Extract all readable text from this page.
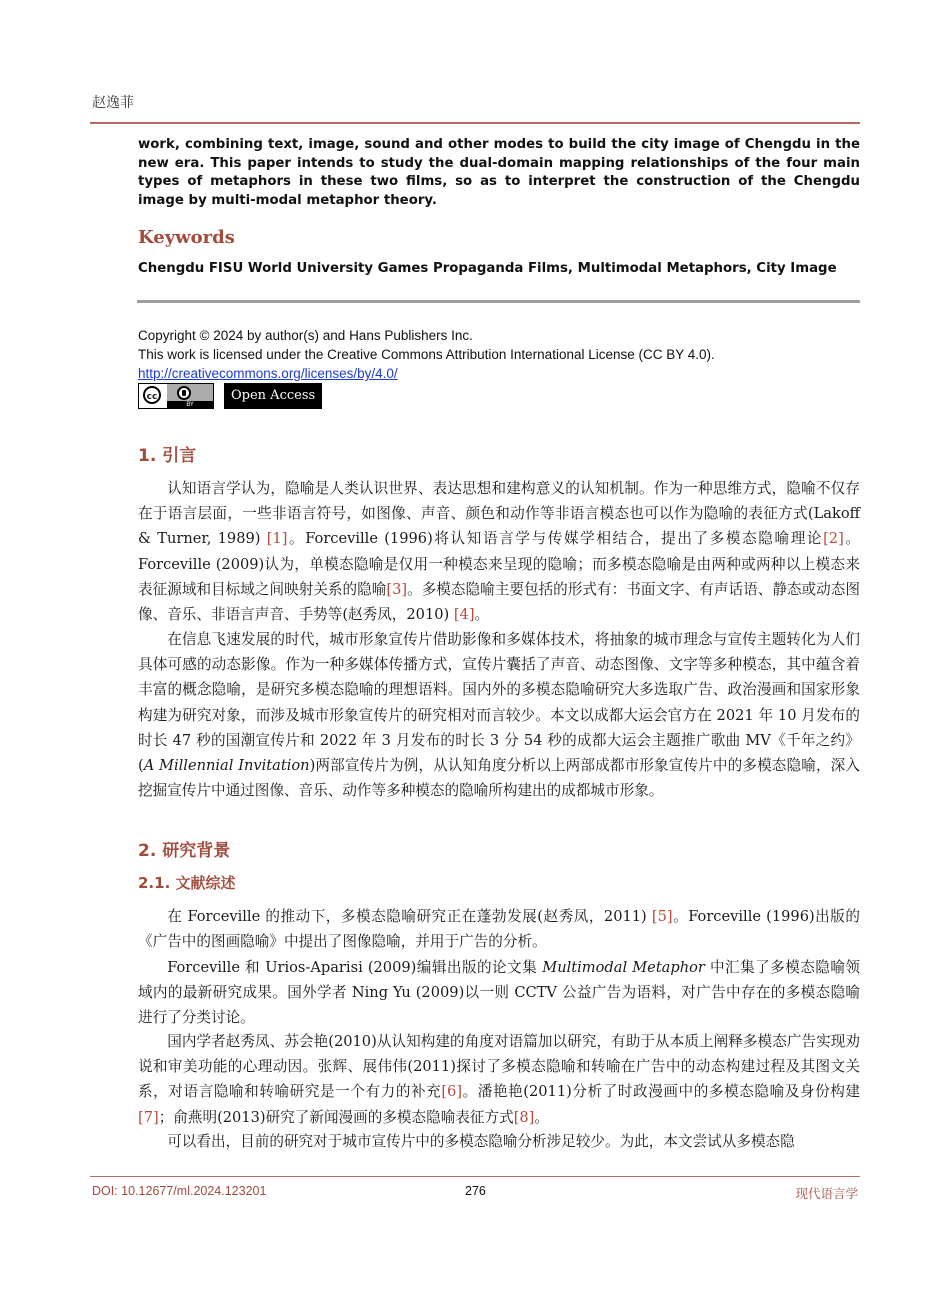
赵逸菲
work, combining text, image, sound and other modes to build the city image of Chengdu in the new era. This paper intends to study the dual-domain mapping relationships of the four main types of metaphors in these two films, so as to interpret the construction of the Chengdu image by multi-modal metaphor theory.
Keywords
Chengdu FISU World University Games Propaganda Films, Multimodal Metaphors, City Image
Copyright © 2024 by author(s) and Hans Publishers Inc.
This work is licensed under the Creative Commons Attribution International License (CC BY 4.0).
http://creativecommons.org/licenses/by/4.0/
cc
BY
Open Access
1. 引言

认知语言学认为，隐喻是人类认识世界、表达思想和建构意义的认知机制。作为一种思维方式，隐喻不仅存在于语言层面，一些非语言符号，如图像、声音、颜色和动作等非语言模态也可以作为隐喻的表征方式(Lakoff & Turner, 1989) [1]。Forceville (1996)将认知语言学与传媒学相结合，提出了多模态隐喻理论[2]。Forceville (2009)认为，单模态隐喻是仅用一种模态来呈现的隐喻；而多模态隐喻是由两种或两种以上模态来表征源域和目标域之间映射关系的隐喻[3]。多模态隐喻主要包括的形式有：书面文字、有声话语、静态或动态图像、音乐、非语言声音、手势等(赵秀凤，2010) [4]。

在信息飞速发展的时代，城市形象宣传片借助影像和多媒体技术，将抽象的城市理念与宣传主题转化为人们具体可感的动态影像。作为一种多媒体传播方式，宣传片囊括了声音、动态图像、文字等多种模态，其中蕴含着丰富的概念隐喻，是研究多模态隐喻的理想语料。国内外的多模态隐喻研究大多选取广告、政治漫画和国家形象构建为研究对象，而涉及城市形象宣传片的研究相对而言较少。本文以成都大运会官方在 2021 年 10 月发布的时长 47 秒的国潮宣传片和 2022 年 3 月发布的时长 3 分 54 秒的成都大运会主题推广歌曲 MV《千年之约》(A Millennial Invitation)两部宣传片为例，从认知角度分析以上两部成都市形象宣传片中的多模态隐喻，深入挖掘宣传片中通过图像、音乐、动作等多种模态的隐喻所构建出的成都城市形象。

2. 研究背景
2.1. 文献综述

在 Forceville 的推动下，多模态隐喻研究正在蓬勃发展(赵秀凤，2011) [5]。Forceville (1996)出版的《广告中的图画隐喻》中提出了图像隐喻，并用于广告的分析。

Forceville 和 Urios-Aparisi (2009)编辑出版的论文集 Multimodal Metaphor 中汇集了多模态隐喻领域内的最新研究成果。国外学者 Ning Yu (2009)以一则 CCTV 公益广告为语料，对广告中存在的多模态隐喻进行了分类讨论。

国内学者赵秀凤、苏会艳(2010)从认知构建的角度对语篇加以研究，有助于从本质上阐释多模态广告实现劝说和审美功能的心理动因。张辉、展伟伟(2011)探讨了多模态隐喻和转喻在广告中的动态构建过程及其图文关系，对语言隐喻和转喻研究是一个有力的补充[6]。潘艳艳(2011)分析了时政漫画中的多模态隐喻及身份构建[7]；俞燕明(2013)研究了新闻漫画的多模态隐喻表征方式[8]。

可以看出，目前的研究对于城市宣传片中的多模态隐喻分析涉足较少。为此，本文尝试从多模态隐

DOI: 10.12677/ml.2024.123201	276	现代语言学
